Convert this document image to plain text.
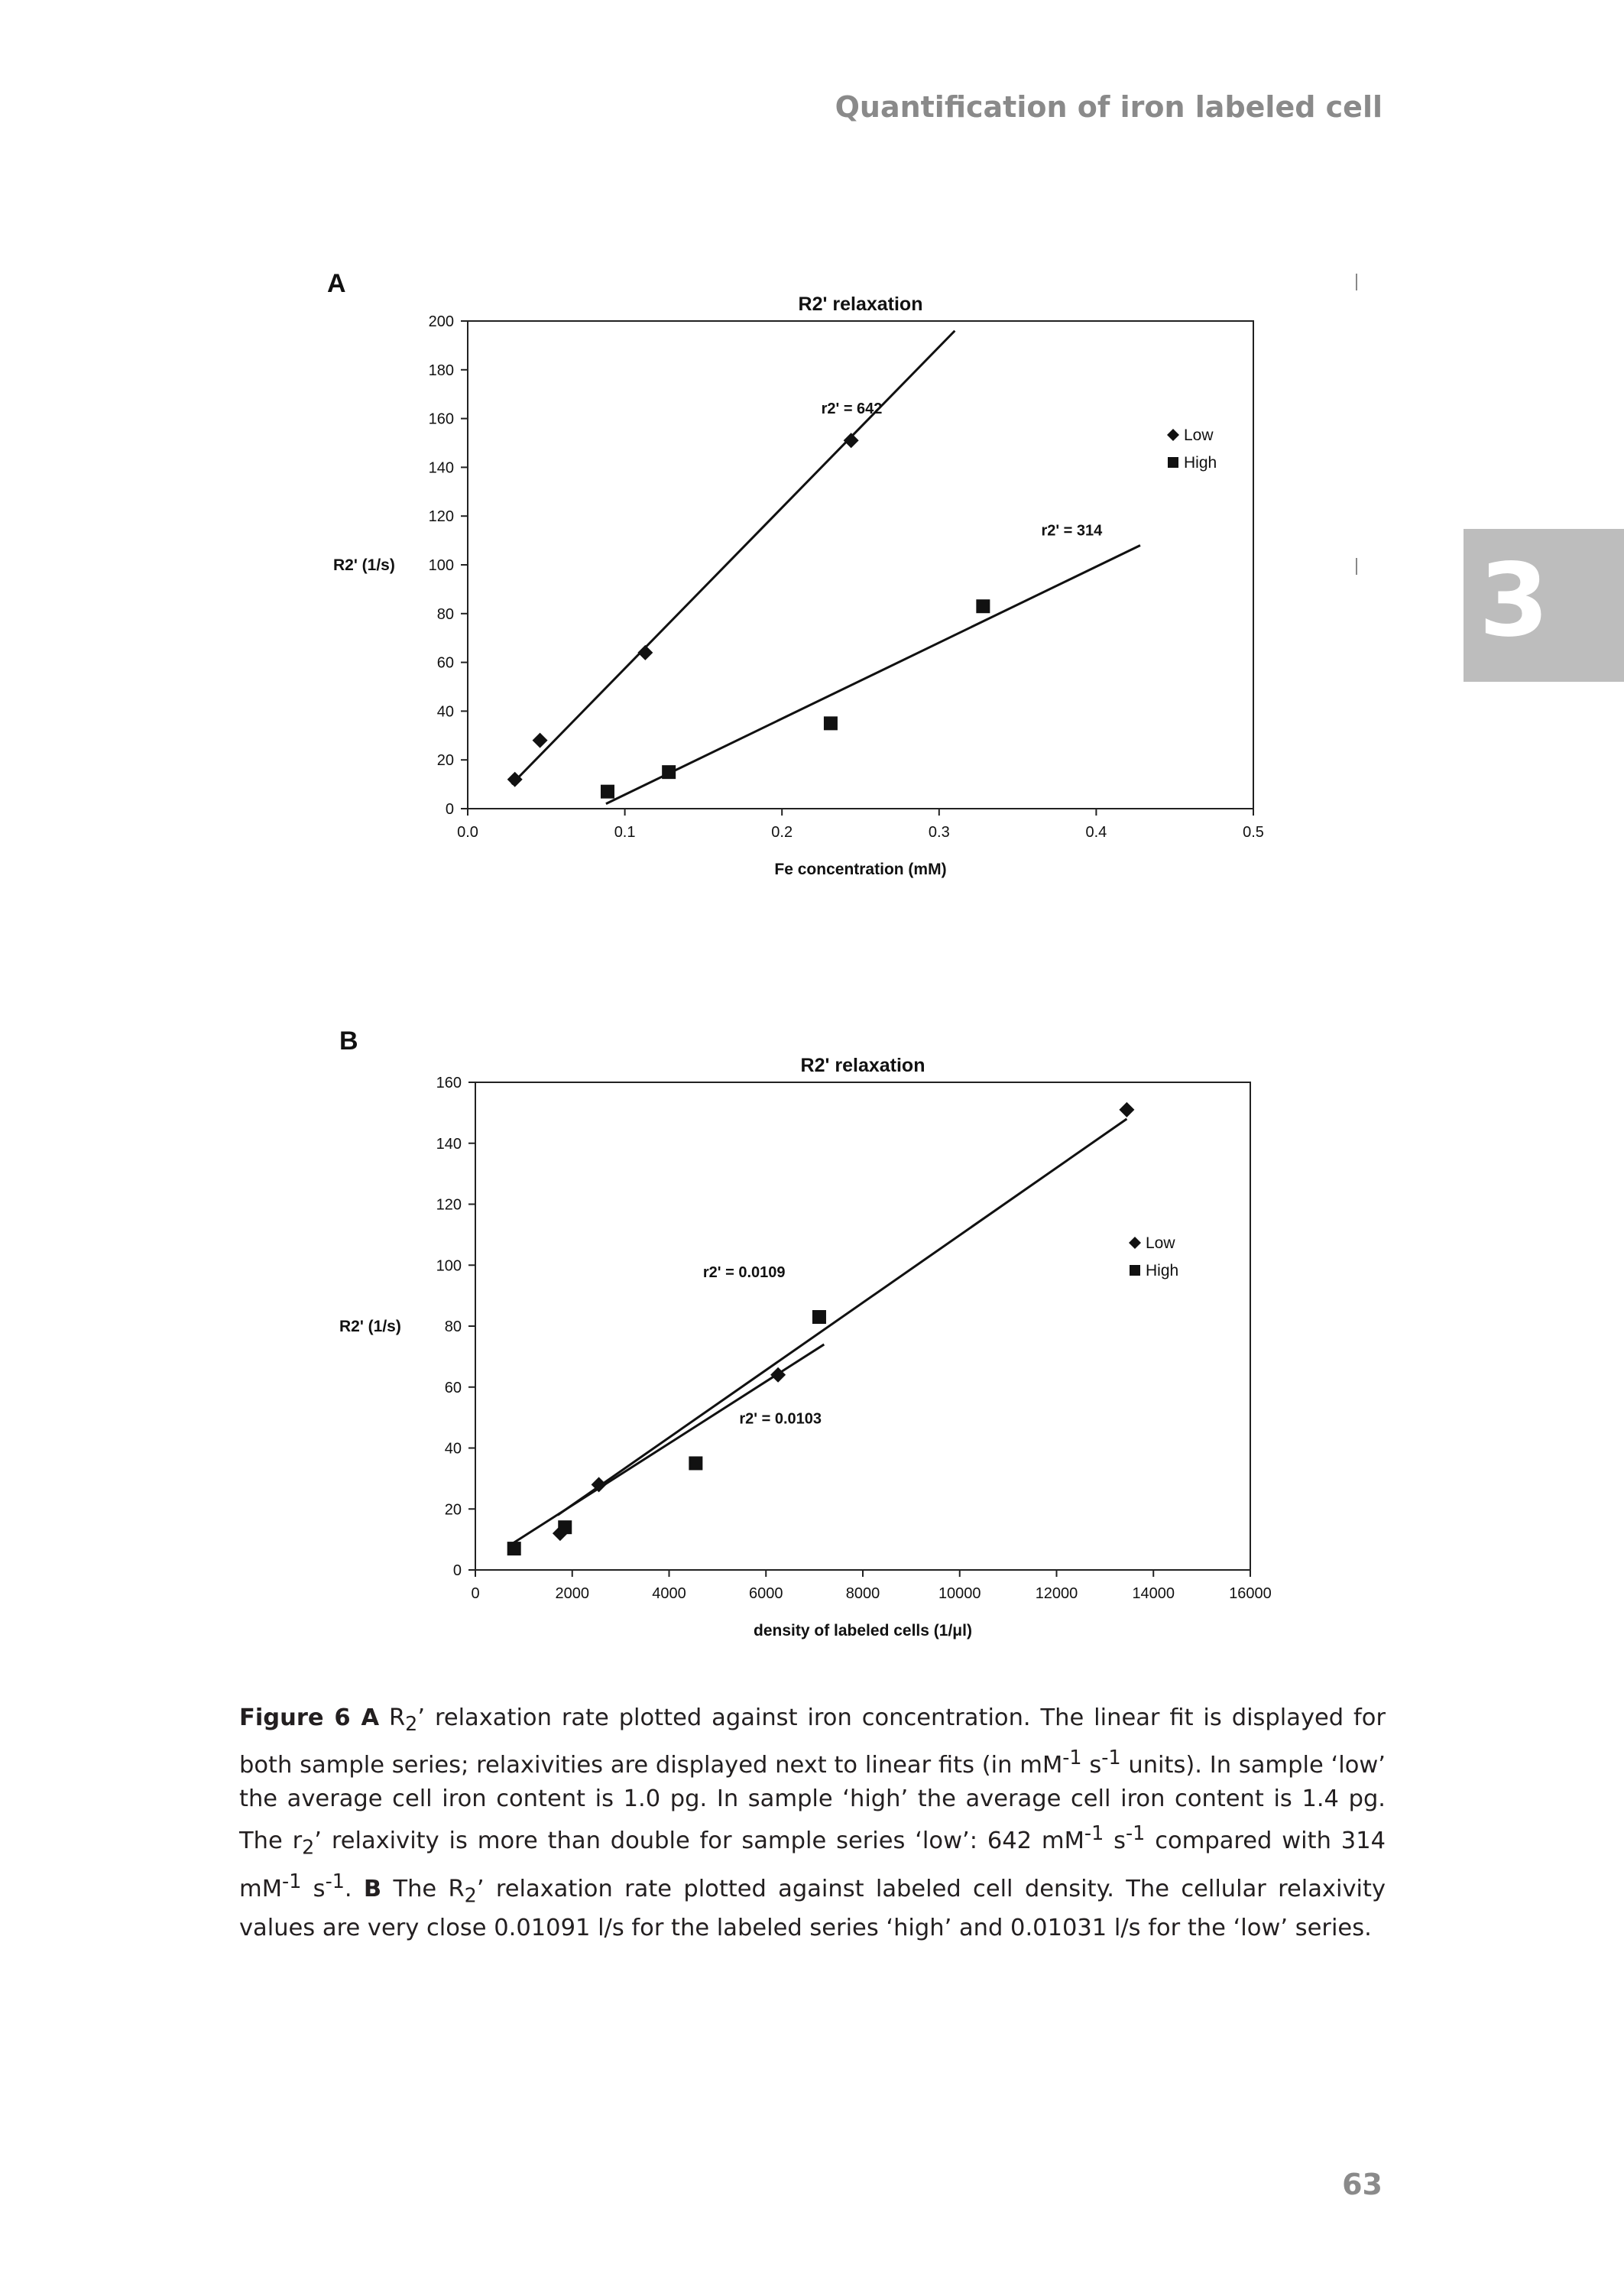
Quantification of iron labeled cell
3
A
B
R2' relaxation
0
20
40
60
80
100
120
140
160
180
200
0.0	0.1	0.2	0.3	0.4	0.5
Fe concentration (mM)
R2' (1/s)
r2' = 642
r2' = 314
Low
High
R2' relaxation
0
20
40
60
80
100
120
140
160
0	2000	4000	6000	8000	10000	12000	14000	16000
density of labeled cells (1/μl)
R2' (1/s)
r2' = 0.0109
r2' = 0.0103
Low
High
Figure 6 A $R_2$’ relaxation rate plotted against iron concentration. The linear fit is displayed for both sample series; relaxivities are displayed next to linear fits (in $mM^{-1}$ $s^{-1}$ units). In sample ‘low’ the average cell iron content is 1.0 pg. In sample ‘high’ the average cell iron content is 1.4 pg. The $r_2$’ relaxivity is more than double for sample series ‘low’: 642 $mM^{-1}$ $s^{-1}$ compared with 314 $mM^{-1}$ $s^{-1}$. B The $R_2$’ relaxation rate plotted against labeled cell density. The cellular relaxivity values are very close 0.01091 l/s for the labeled series ‘high’ and 0.01031 l/s for the ‘low’ series.
63
